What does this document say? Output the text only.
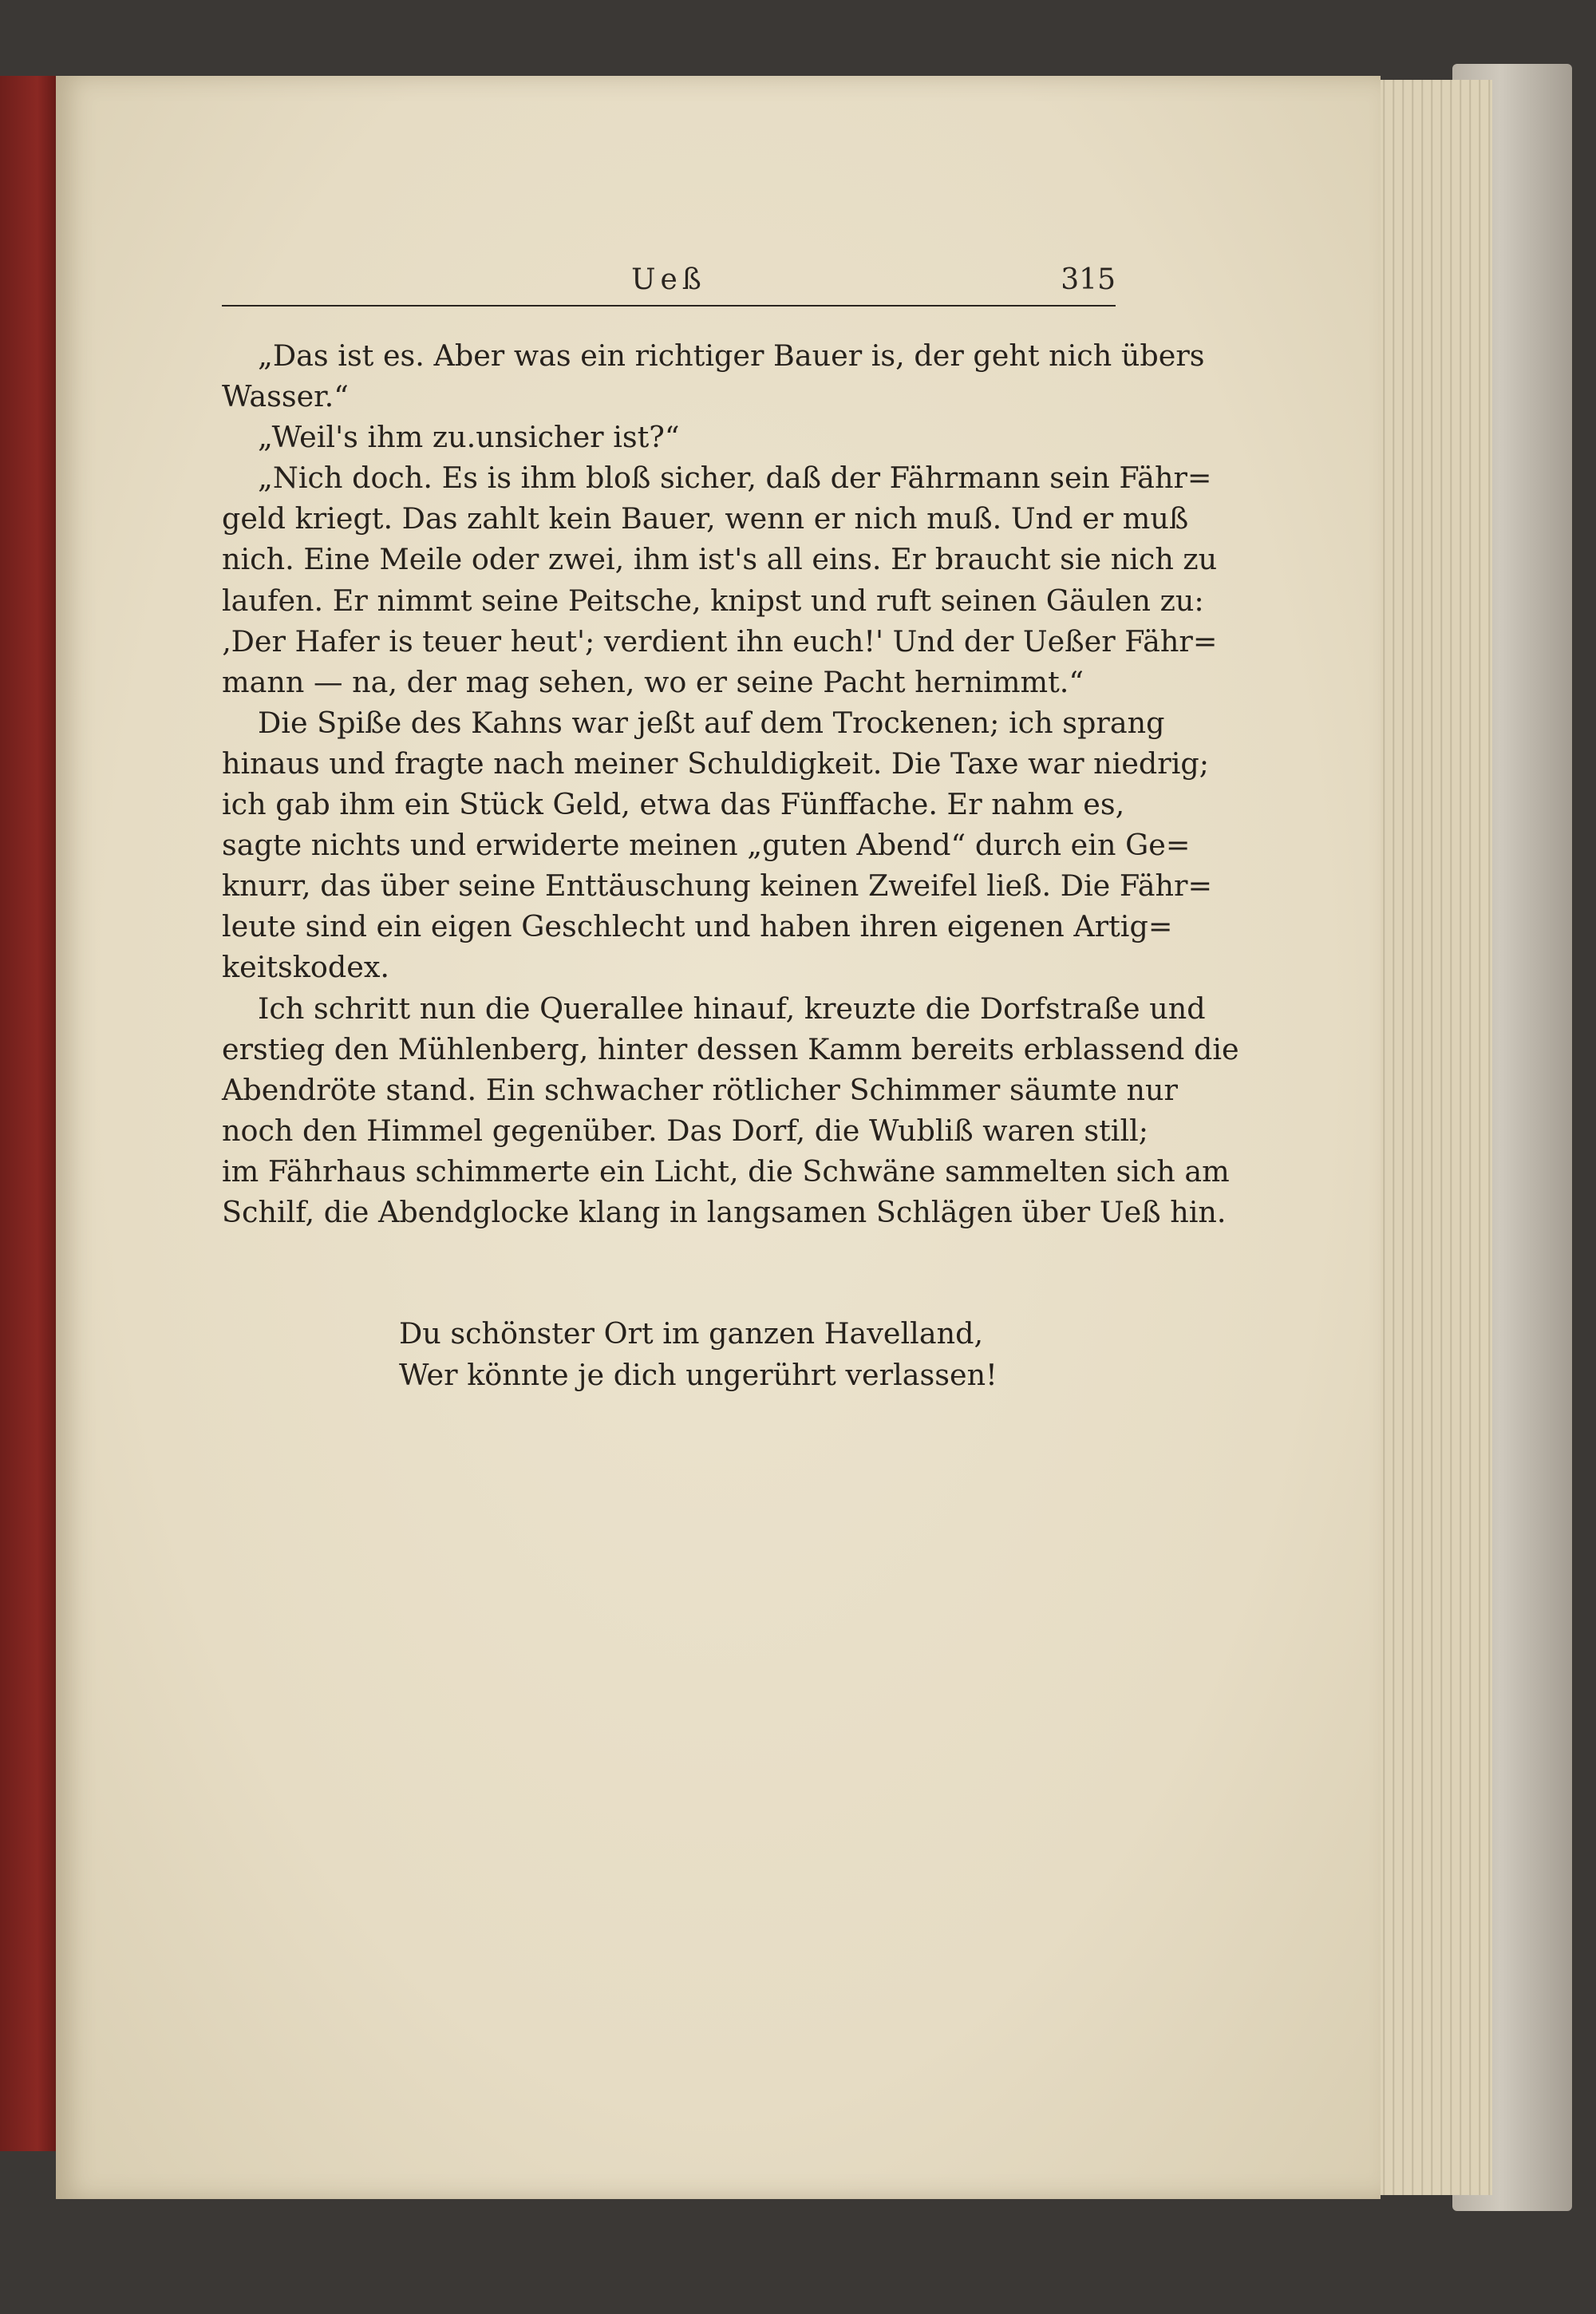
Ueß	315
„Das ist es. Aber was ein richtiger Bauer is, der geht nich übers
Wasser.“
„Weil's ihm zu.unsicher ist?“
„Nich doch. Es is ihm bloß sicher, daß der Fährmann sein Fähr=
geld kriegt. Das zahlt kein Bauer, wenn er nich muß. Und er muß
nich. Eine Meile oder zwei, ihm ist's all eins. Er braucht sie nich zu
laufen. Er nimmt seine Peitsche, knipst und ruft seinen Gäulen zu:
‚Der Hafer is teuer heut'; verdient ihn euch!' Und der Ueßer Fähr=
mann — na, der mag sehen, wo er seine Pacht hernimmt.“
Die Spiße des Kahns war jeßt auf dem Trockenen; ich sprang
hinaus und fragte nach meiner Schuldigkeit. Die Taxe war niedrig;
ich gab ihm ein Stück Geld, etwa das Fünffache. Er nahm es,
sagte nichts und erwiderte meinen „guten Abend“ durch ein Ge=
knurr, das über seine Enttäuschung keinen Zweifel ließ. Die Fähr=
leute sind ein eigen Geschlecht und haben ihren eigenen Artig=
keitskodex.
Ich schritt nun die Querallee hinauf, kreuzte die Dorfstraße und
erstieg den Mühlenberg, hinter dessen Kamm bereits erblassend die
Abendröte stand. Ein schwacher rötlicher Schimmer säumte nur
noch den Himmel gegenüber. Das Dorf, die Wubliß waren still;
im Fährhaus schimmerte ein Licht, die Schwäne sammelten sich am
Schilf, die Abendglocke klang in langsamen Schlägen über Ueß hin.
Du schönster Ort im ganzen Havelland,
Wer könnte je dich ungerührt verlassen!
